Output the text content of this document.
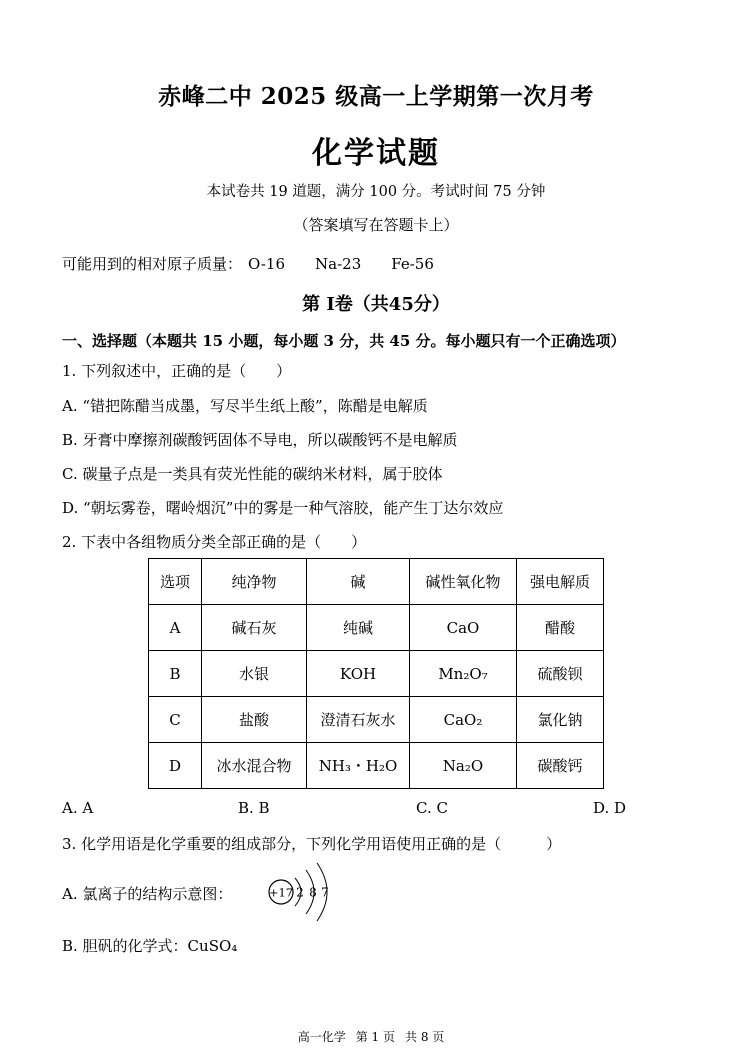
赤峰二中 2025 级高一上学期第一次月考
化学试题
本试卷共 19 道题，满分 100 分。考试时间 75 分钟
（答案填写在答题卡上）
可能用到的相对原子质量： O-16 Na-23 Fe-56
第 Ⅰ卷（共45分）
一、选择题（本题共 15 小题，每小题 3 分，共 45 分。每小题只有一个正确选项）
1. 下列叙述中，正确的是（　　）
A. “错把陈醋当成墨，写尽半生纸上酸”，陈醋是电解质
B. 牙膏中摩擦剂碳酸钙固体不导电，所以碳酸钙不是电解质
C. 碳量子点是一类具有荧光性能的碳纳米材料，属于胶体
D. “朝坛雾卷，曙岭烟沉”中的雾是一种气溶胶，能产生丁达尔效应
2. 下表中各组物质分类全部正确的是（　　）
选项	纯净物	碱	碱性氧化物	强电解质
A	碱石灰	纯碱	CaO	醋酸
B	水银	KOH	Mn₂O₇	硫酸钡
C	盐酸	澄清石灰水	CaO₂	氯化钠
D	冰水混合物	NH₃・H₂O	Na₂O	碳酸钙
A. A	B. B	C. C	D. D
3. 化学用语是化学重要的组成部分，下列化学用语使用正确的是（　　　）
A. 氯离子的结构示意图：	+17 2 8 7
B. 胆矾的化学式：CuSO₄
高一化学 第 1 页 共 8 页
